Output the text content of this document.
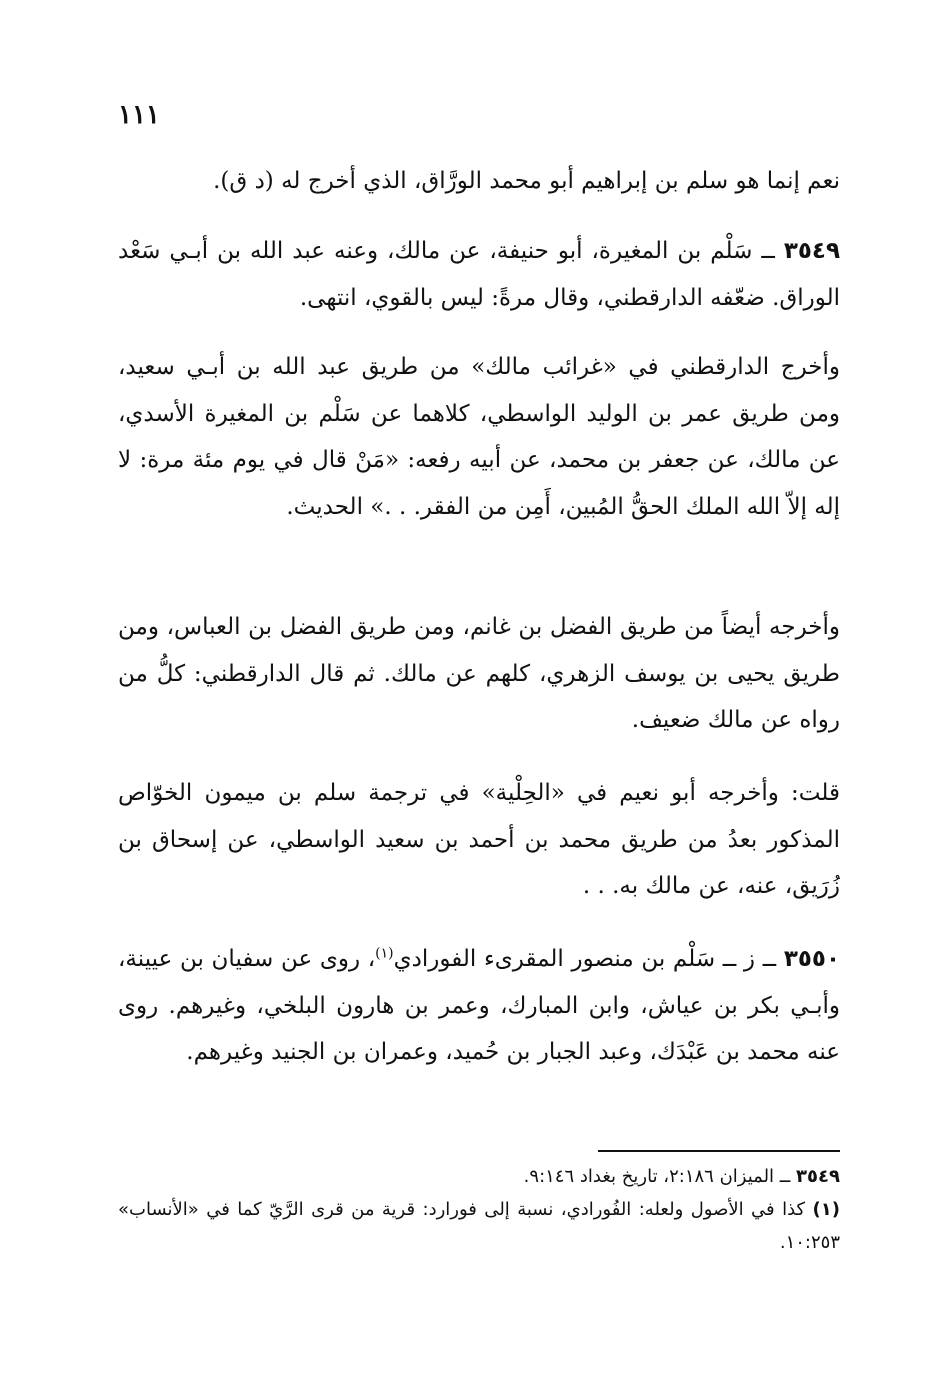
١١١

نعم إنما هو سلم بن إبراهيم أبو محمد الورَّاق، الذي أخرج له (د ق).

٣٥٤٩ ــ سَلْم بن المغيرة، أبو حنيفة، عن مالك، وعنه عبد الله بن أبـي سَعْد الوراق. ضعّفه الدارقطني، وقال مرةً: ليس بالقوي، انتهى.

وأخرج الدارقطني في «غرائب مالك» من طريق عبد الله بن أبـي سعيد، ومن طريق عمر بن الوليد الواسطي، كلاهما عن سَلْم بن المغيرة الأسدي، عن مالك، عن جعفر بن محمد، عن أبيه رفعه: «مَنْ قال في يوم مئة مرة: لا إله إلاّ الله الملك الحقُّ المُبين، أَمِن من الفقر. . .» الحديث.

وأخرجه أيضاً من طريق الفضل بن غانم، ومن طريق الفضل بن العباس، ومن طريق يحيى بن يوسف الزهري، كلهم عن مالك. ثم قال الدارقطني: كلُّ من رواه عن مالك ضعيف.

قلت: وأخرجه أبو نعيم في «الحِلْية» في ترجمة سلم بن ميمون الخوّاص المذكور بعدُ من طريق محمد بن أحمد بن سعيد الواسطي، عن إسحاق بن زُرَيق، عنه، عن مالك به. . .

٣٥٥٠ ــ ز ــ سَلْم بن منصور المقرىء الفورادي$^{(١)}$، روى عن سفيان بن عيينة، وأبـي بكر بن عياش، وابن المبارك، وعمر بن هارون البلخي، وغيرهم. روى عنه محمد بن عَبْدَك، وعبد الجبار بن حُميد، وعمران بن الجنيد وغيرهم.

٣٥٤٩ ــ الميزان ٢:١٨٦، تاريخ بغداد ٩:١٤٦.

(١) كذا في الأصول ولعله: الفُورادي، نسبة إلى فورارد: قرية من قرى الرَّيّ كما في «الأنساب» ١٠:٢٥٣.
